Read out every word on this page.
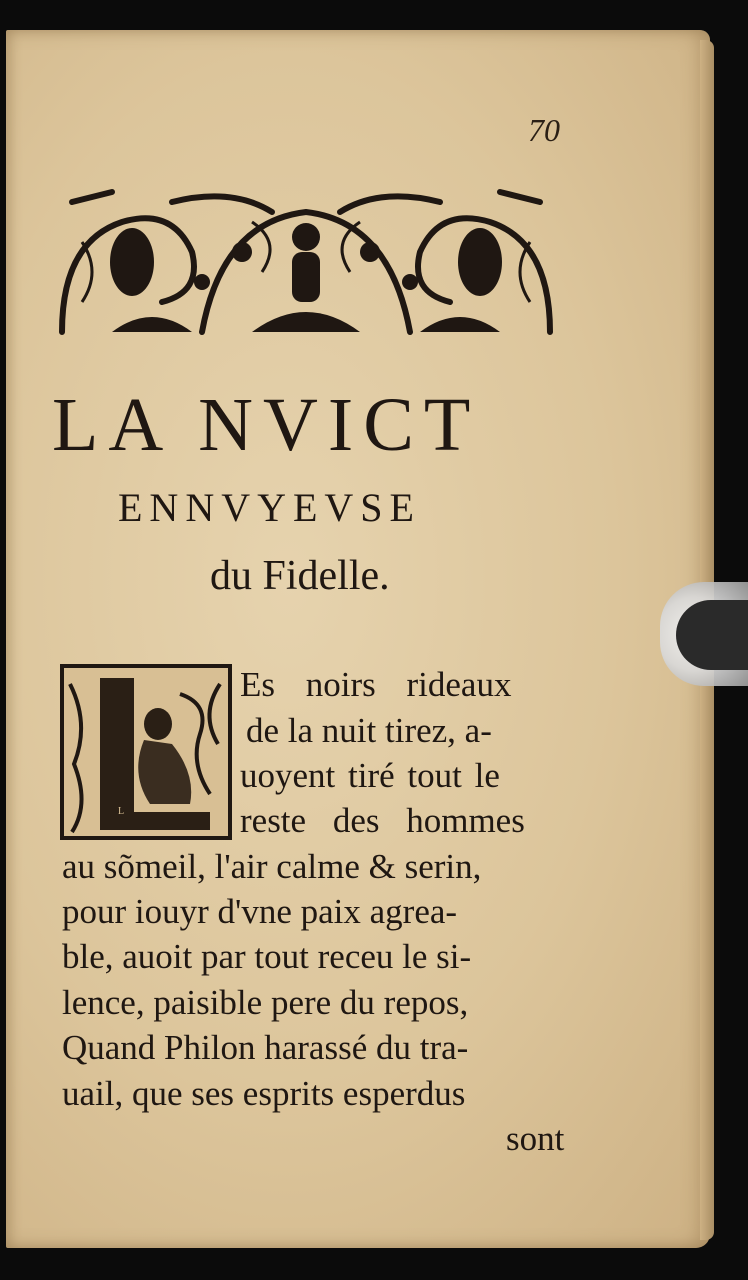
70
LA NVICT
ENNVYEVSE
du Fidelle.
L
Es noirs rideaux
de la nuit tirez, a-
uoyent tiré tout le
reste des hommes
au sõmeil, l'air calme & serin,
pour iouyr d'vne paix agrea-
ble, auoit par tout receu le si-
lence, paisible pere du repos,
Quand Philon harassé du tra-
uail, que ses esprits esperdus
sont
